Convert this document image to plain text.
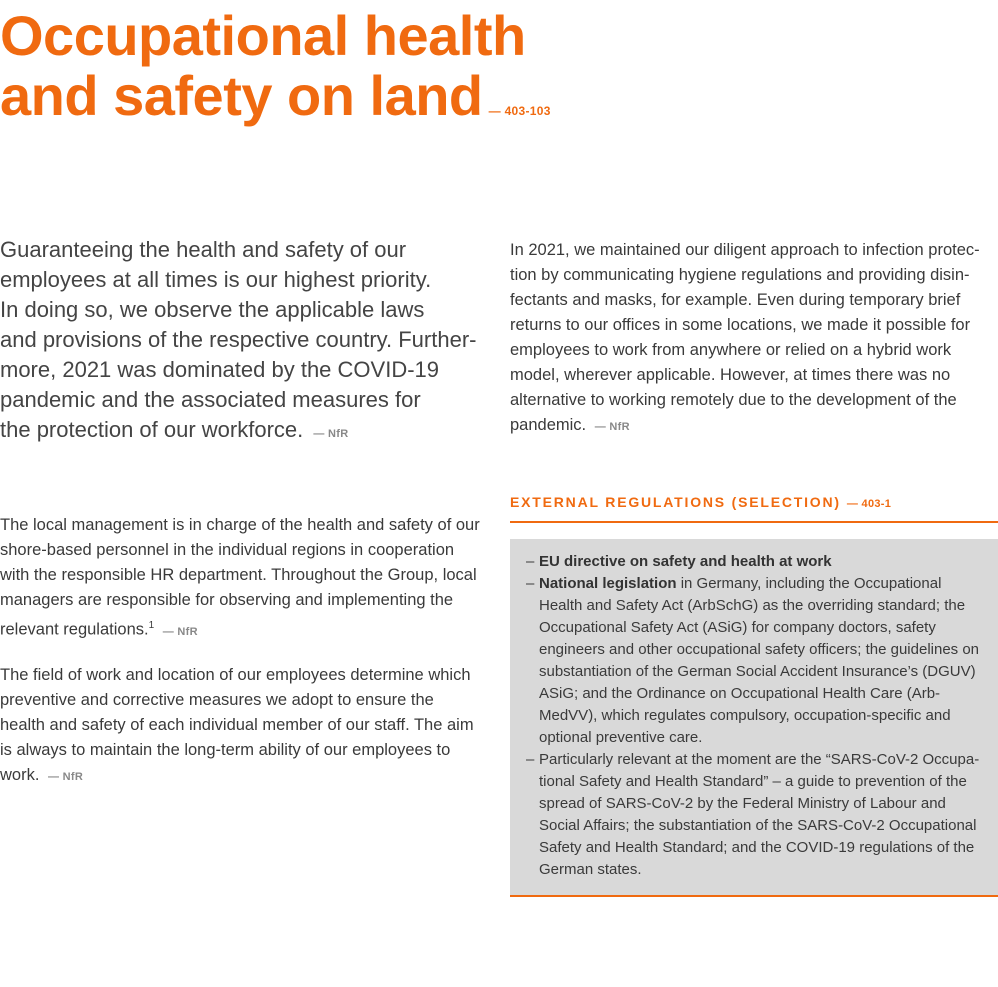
Occupational health
and safety on land — 403-103

Guaranteeing the health and safety of our
employees at all times is our highest priority.
In doing so, we observe the applicable laws
and provisions of the respective country. Further-
more, 2021 was dominated by the COVID-19
pandemic and the associated measures for
the protection of our workforce. — NfR

In 2021, we maintained our diligent approach to infection protec-
tion by communicating hygiene regulations and providing disin-
fectants and masks, for example. Even during temporary brief
returns to our offices in some locations, we made it possible for
employees to work from anywhere or relied on a hybrid work
model, wherever applicable. However, at times there was no
alternative to working remotely due to the development of the
pandemic. — NfR

The local management is in charge of the health and safety of our
shore-based personnel in the individual regions in cooperation
with the responsible HR department. Throughout the Group, local
managers are responsible for observing and implementing the
relevant regulations.$^1$ — NfR

The field of work and location of our employees determine which
preventive and corrective measures we adopt to ensure the
health and safety of each individual member of our staff. The aim
is always to maintain the long-term ability of our employees to
work. — NfR

EXTERNAL REGULATIONS (SELECTION) — 403-1
– EU directive on safety and health at work
– National legislation in Germany, including the Occupational
Health and Safety Act (ArbSchG) as the overriding standard; the
Occupational Safety Act (ASiG) for company doctors, safety
engineers and other occupational safety officers; the guidelines on
substantiation of the German Social Accident Insurance’s (DGUV)
ASiG; and the Ordinance on Occupational Health Care (Arb-
MedVV), which regulates compulsory, occupation-specific and
optional preventive care.
– Particularly relevant at the moment are the “SARS-CoV-2 Occupa-
tional Safety and Health Standard” – a guide to prevention of the
spread of SARS-CoV-2 by the Federal Ministry of Labour and
Social Affairs; the substantiation of the SARS-CoV-2 Occupational
Safety and Health Standard; and the COVID-19 regulations of the
German states.
